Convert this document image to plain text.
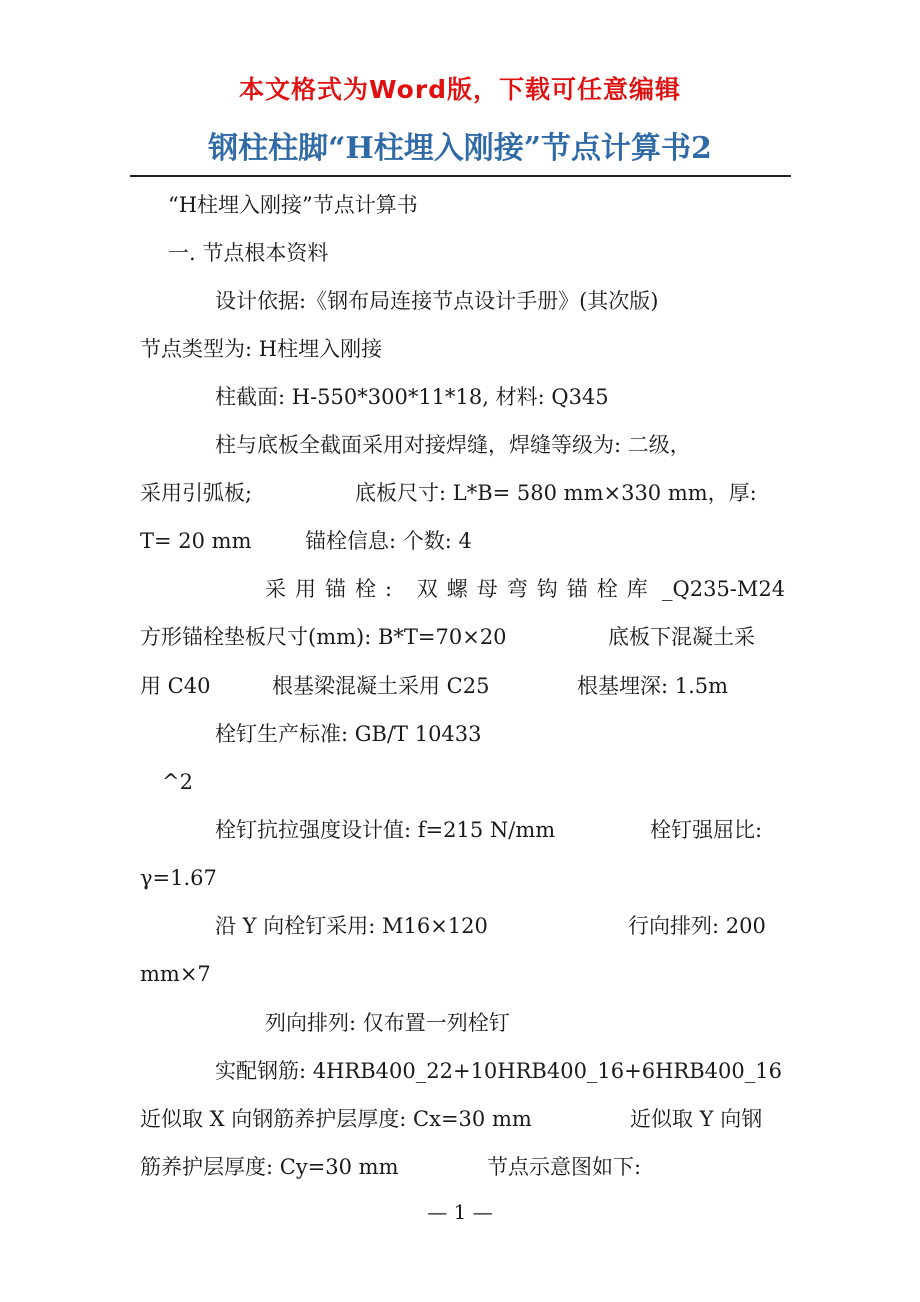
本文格式为Word版，下载可任意编辑
钢柱柱脚“H柱埋入刚接”节点计算书2
“H柱埋入刚接”节点计算书
一. 节点根本资料
设计依据:《钢布局连接节点设计手册》(其次版)
节点类型为: H柱埋入刚接
柱截面: H-550*300*11*18, 材料: Q345
柱与底板全截面采用对接焊缝，焊缝等级为: 二级，
采用引弧板;	底板尺寸: L*B= 580 mm×330 mm，厚:
T= 20 mm	锚栓信息: 个数: 4
采用锚栓: 双螺母弯钩锚栓库 _Q235-M24
方形锚栓垫板尺寸(mm): B*T=70×20	底板下混凝土采
用 C40	根基梁混凝土采用 C25	根基埋深: 1.5m
栓钉生产标准: GB/T 10433
^2
栓钉抗拉强度设计值: f=215 N/mm	栓钉强屈比:
γ=1.67
沿 Y 向栓钉采用: M16×120	行向排列: 200
mm×7
列向排列: 仅布置一列栓钉
实配钢筋: 4HRB400_22+10HRB400_16+6HRB400_16
近似取 X 向钢筋养护层厚度: Cx=30 mm	近似取 Y 向钢
筋养护层厚度: Cy=30 mm	节点示意图如下:
— 1 —
